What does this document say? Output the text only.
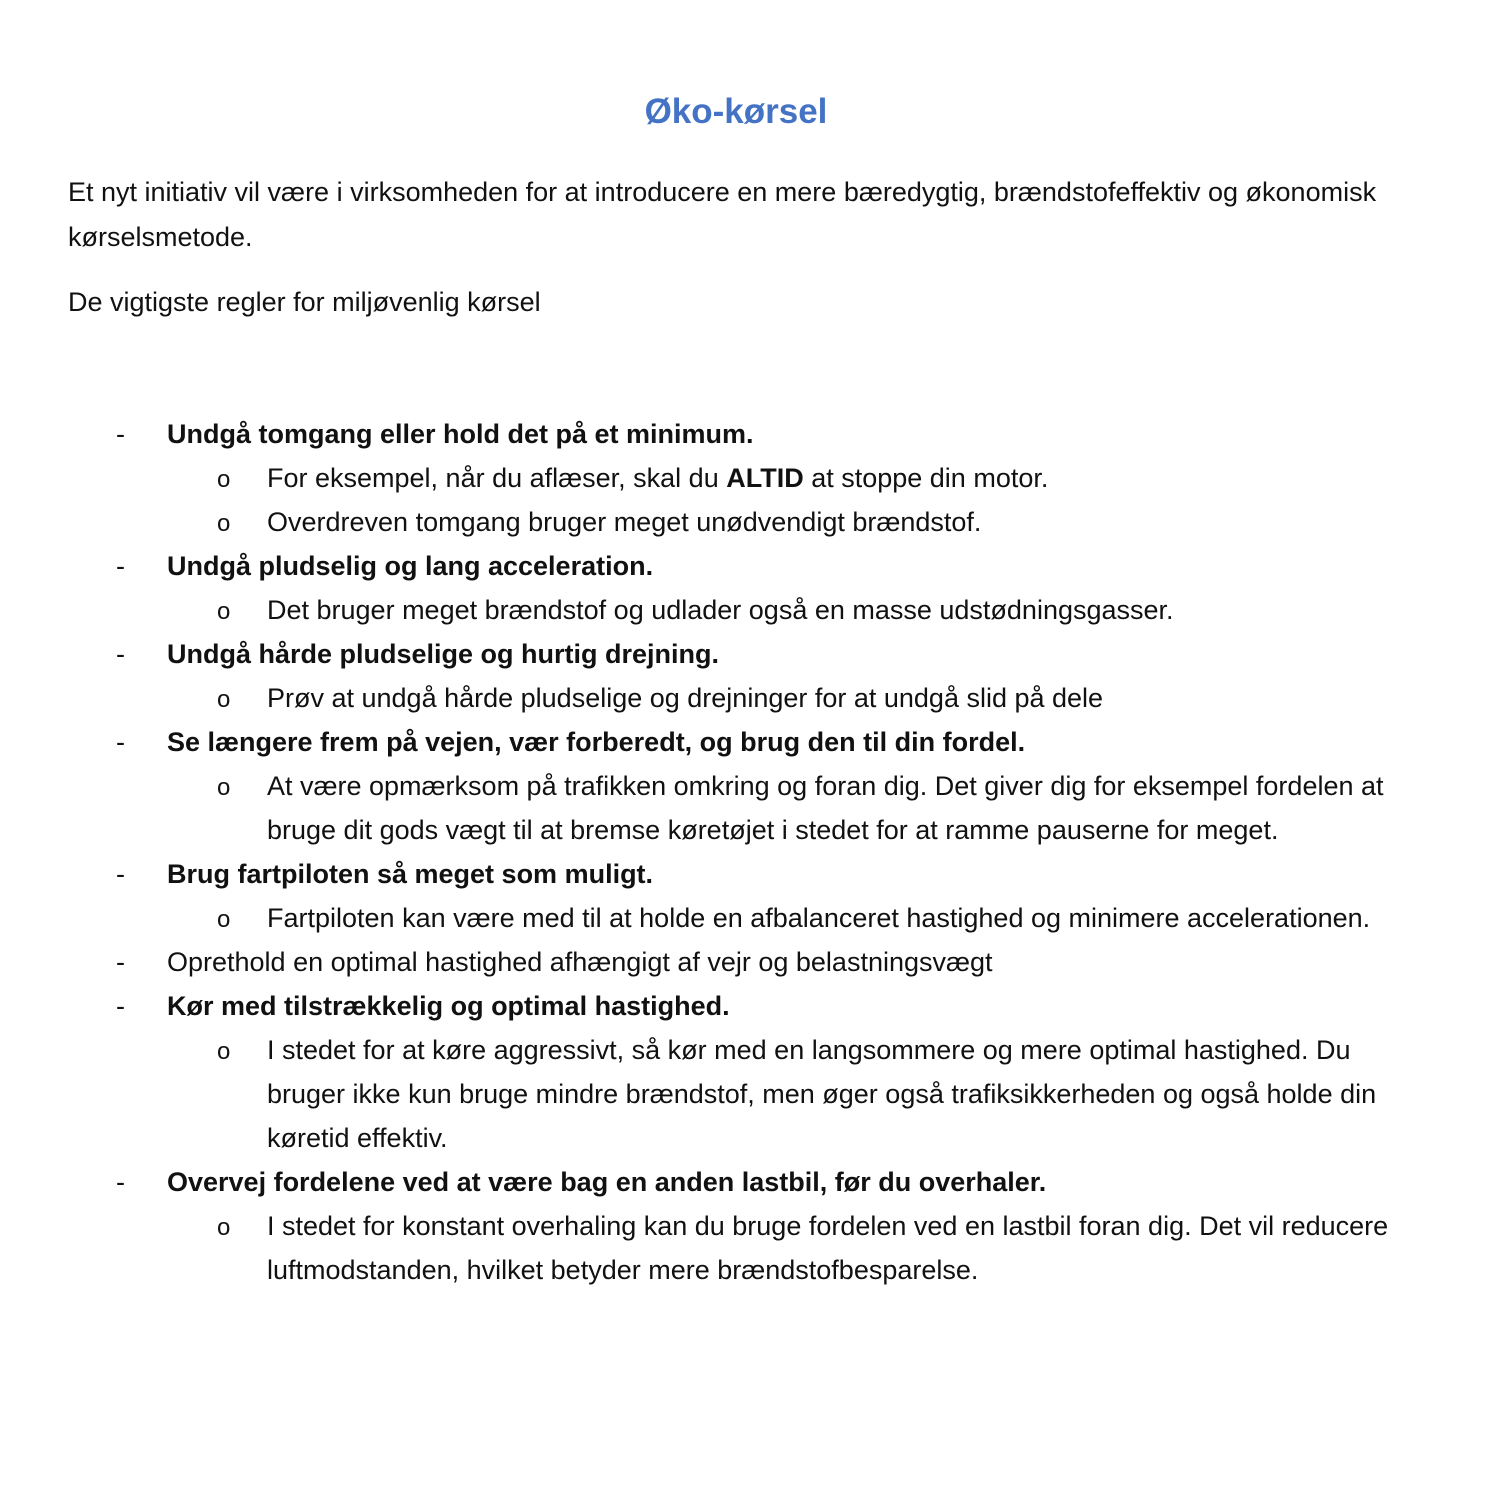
Øko-kørsel

Et nyt initiativ vil være i virksomheden for at introducere en mere bæredygtig, brændstofeffektiv og økonomisk kørselsmetode.

De vigtigste regler for miljøvenlig kørsel

- Undgå tomgang eller hold det på et minimum.
o For eksempel, når du aflæser, skal du ALTID at stoppe din motor.
o Overdreven tomgang bruger meget unødvendigt brændstof.
- Undgå pludselig og lang acceleration.
o Det bruger meget brændstof og udlader også en masse udstødningsgasser.
- Undgå hårde pludselige og hurtig drejning.
o Prøv at undgå hårde pludselige og drejninger for at undgå slid på dele
- Se længere frem på vejen, vær forberedt, og brug den til din fordel.
o At være opmærksom på trafikken omkring og foran dig. Det giver dig for eksempel fordelen at bruge dit gods vægt til at bremse køretøjet i stedet for at ramme pauserne for meget.
- Brug fartpiloten så meget som muligt.
o Fartpiloten kan være med til at holde en afbalanceret hastighed og minimere accelerationen.
- Oprethold en optimal hastighed afhængigt af vejr og belastningsvægt
- Kør med tilstrækkelig og optimal hastighed.
o I stedet for at køre aggressivt, så kør med en langsommere og mere optimal hastighed. Du bruger ikke kun bruge mindre brændstof, men øger også trafiksikkerheden og også holde din køretid effektiv.
- Overvej fordelene ved at være bag en anden lastbil, før du overhaler.
o I stedet for konstant overhaling kan du bruge fordelen ved en lastbil foran dig. Det vil reducere luftmodstanden, hvilket betyder mere brændstofbesparelse.
